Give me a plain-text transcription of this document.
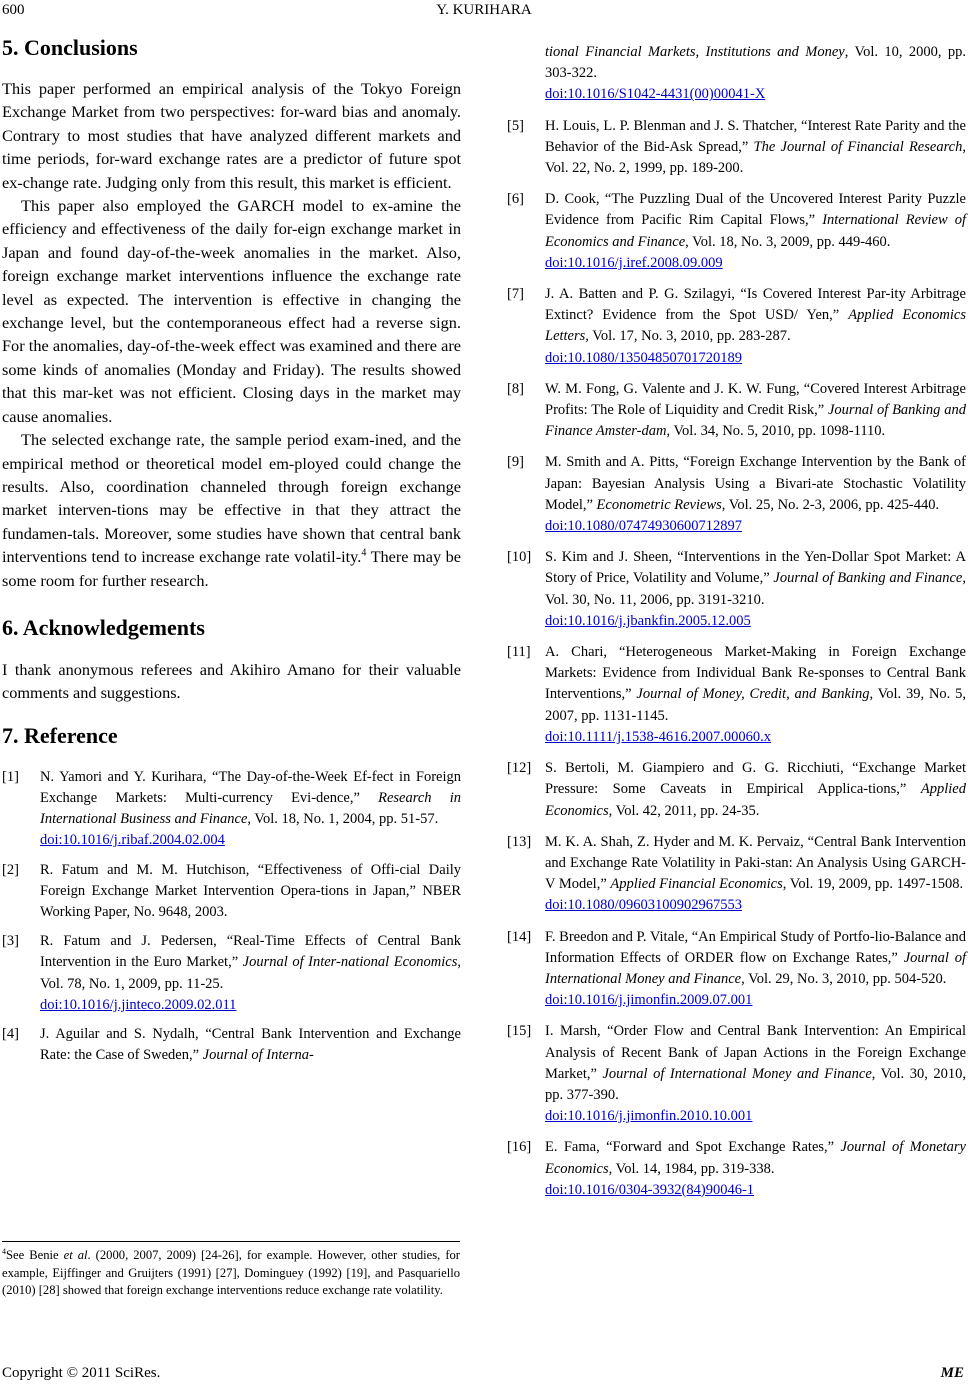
600	Y. KURIHARA
5. Conclusions

This paper performed an empirical analysis of the Tokyo Foreign Exchange Market from two perspectives: for-ward bias and anomaly. Contrary to most studies that have analyzed different markets and time periods, for-ward exchange rates are a predictor of future spot ex-change rate. Judging only from this result, this market is efficient.

This paper also employed the GARCH model to ex-amine the efficiency and effectiveness of the daily for-eign exchange market in Japan and found day-of-the-week anomalies in the market. Also, foreign exchange market interventions influence the exchange rate level as expected. The intervention is effective in changing the exchange level, but the contemporaneous effect had a reverse sign. For the anomalies, day-of-the-week effect was examined and there are some kinds of anomalies (Monday and Friday). The results showed that this mar-ket was not efficient. Closing days in the market may cause anomalies.

The selected exchange rate, the sample period exam-ined, and the empirical method or theoretical model em-ployed could change the results. Also, coordination channeled through foreign exchange market interven-tions may be effective in that they attract the fundamen-tals. Moreover, some studies have shown that central bank interventions tend to increase exchange rate volatil-ity.$^4$ There may be some room for further research.

6. Acknowledgements

I thank anonymous referees and Akihiro Amano for their valuable comments and suggestions.

7. Reference
[1]	N. Yamori and Y. Kurihara, “The Day-of-the-Week Ef-fect in Foreign Exchange Markets: Multi-currency Evi-dence,” Research in International Business and Finance, Vol. 18, No. 1, 2004, pp. 51-57.
doi:10.1016/j.ribaf.2004.02.004
[2]	R. Fatum and M. M. Hutchison, “Effectiveness of Offi-cial Daily Foreign Exchange Market Intervention Opera-tions in Japan,” NBER Working Paper, No. 9648, 2003.
[3]	R. Fatum and J. Pedersen, “Real-Time Effects of Central Bank Intervention in the Euro Market,” Journal of Inter-national Economics, Vol. 78, No. 1, 2009, pp. 11-25.
doi:10.1016/j.jinteco.2009.02.011
[4]	J. Aguilar and S. Nydalh, “Central Bank Intervention and Exchange Rate: the Case of Sweden,” Journal of Interna-
tional Financial Markets, Institutions and Money, Vol. 10, 2000, pp. 303-322.
doi:10.1016/S1042-4431(00)00041-X
[5]	H. Louis, L. P. Blenman and J. S. Thatcher, “Interest Rate Parity and the Behavior of the Bid-Ask Spread,” The Journal of Financial Research, Vol. 22, No. 2, 1999, pp. 189-200.
[6]	D. Cook, “The Puzzling Dual of the Uncovered Interest Parity Puzzle Evidence from Pacific Rim Capital Flows,” International Review of Economics and Finance, Vol. 18, No. 3, 2009, pp. 449-460.
doi:10.1016/j.iref.2008.09.009
[7]	J. A. Batten and P. G. Szilagyi, “Is Covered Interest Par-ity Arbitrage Extinct? Evidence from the Spot USD/ Yen,” Applied Economics Letters, Vol. 17, No. 3, 2010, pp. 283-287.
doi:10.1080/13504850701720189
[8]	W. M. Fong, G. Valente and J. K. W. Fung, “Covered Interest Arbitrage Profits: The Role of Liquidity and Credit Risk,” Journal of Banking and Finance Amster-dam, Vol. 34, No. 5, 2010, pp. 1098-1110.
[9]	M. Smith and A. Pitts, “Foreign Exchange Intervention by the Bank of Japan: Bayesian Analysis Using a Bivari-ate Stochastic Volatility Model,” Econometric Reviews, Vol. 25, No. 2-3, 2006, pp. 425-440.
doi:10.1080/07474930600712897
[10] S. Kim and J. Sheen, “Interventions in the Yen-Dollar Spot Market: A Story of Price, Volatility and Volume,” Journal of Banking and Finance, Vol. 30, No. 11, 2006, pp. 3191-3210.
doi:10.1016/j.jbankfin.2005.12.005
[11] A. Chari, “Heterogeneous Market-Making in Foreign Exchange Markets: Evidence from Individual Bank Re-sponses to Central Bank Interventions,” Journal of Money, Credit, and Banking, Vol. 39, No. 5, 2007, pp. 1131-1145.
doi:10.1111/j.1538-4616.2007.00060.x
[12] S. Bertoli, M. Giampiero and G. G. Ricchiuti, “Exchange Market Pressure: Some Caveats in Empirical Applica-tions,” Applied Economics, Vol. 42, 2011, pp. 24-35.
[13] M. K. A. Shah, Z. Hyder and M. K. Pervaiz, “Central Bank Intervention and Exchange Rate Volatility in Paki-stan: An Analysis Using GARCH-V Model,” Applied Financial Economics, Vol. 19, 2009, pp. 1497-1508.
doi:10.1080/09603100902967553
[14] F. Breedon and P. Vitale, “An Empirical Study of Portfo-lio-Balance and Information Effects of ORDER flow on Exchange Rates,” Journal of International Money and Finance, Vol. 29, No. 3, 2010, pp. 504-520.
doi:10.1016/j.jimonfin.2009.07.001
[15] I. Marsh, “Order Flow and Central Bank Intervention: An Empirical Analysis of Recent Bank of Japan Actions in the Foreign Exchange Market,” Journal of International Money and Finance, Vol. 30, 2010, pp. 377-390.
doi:10.1016/j.jimonfin.2010.10.001
[16] E. Fama, “Forward and Spot Exchange Rates,” Journal of Monetary Economics, Vol. 14, 1984, pp. 319-338.
doi:10.1016/0304-3932(84)90046-1
$^4$See Benie et al. (2000, 2007, 2009) [24-26], for example. However, other studies, for example, Eijffinger and Gruijters (1991) [27], Dominguey (1992) [19], and Pasquariello (2010) [28] showed that foreign exchange interventions reduce exchange rate volatility.
Copyright © 2011 SciRes.	ME
